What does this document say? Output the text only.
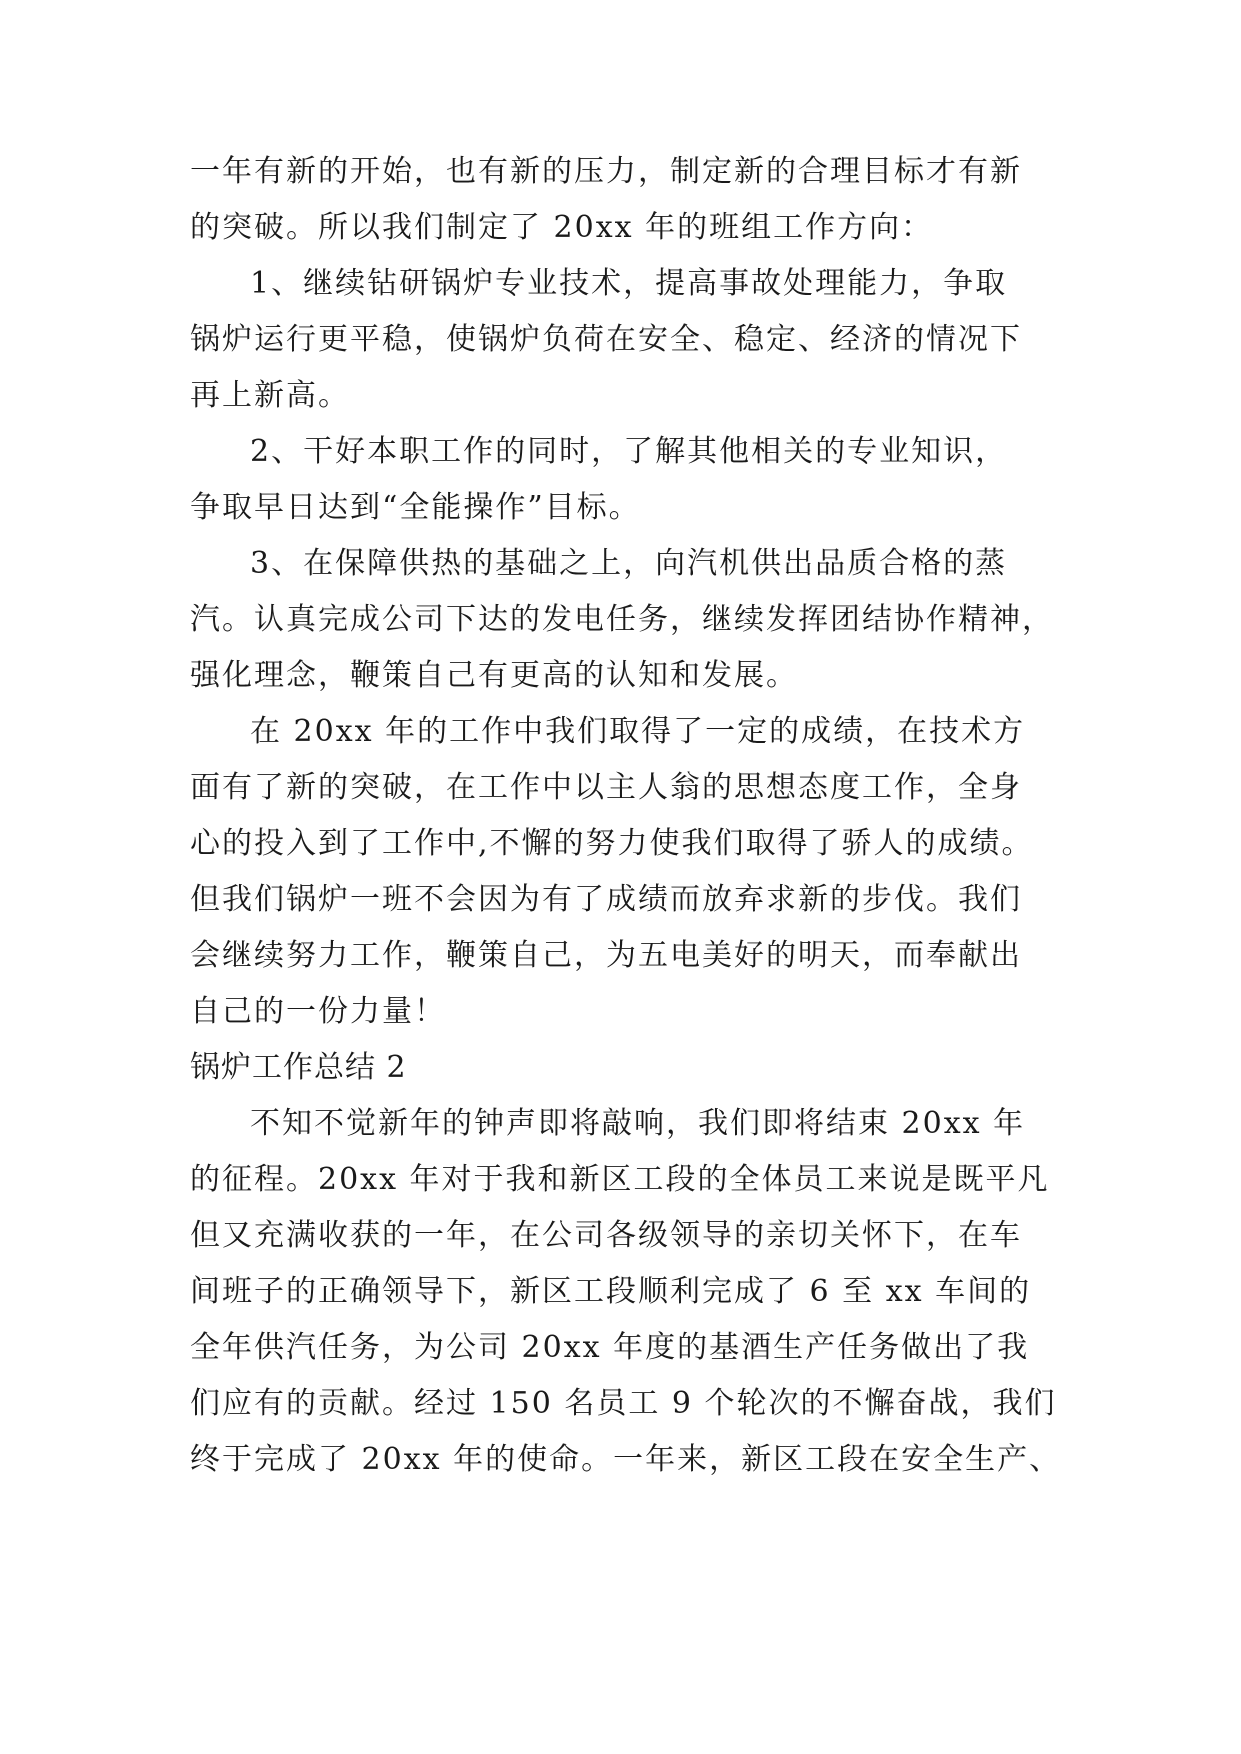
一年有新的开始，也有新的压力，制定新的合理目标才有新
的突破。所以我们制定了 20xx 年的班组工作方向：
1、继续钻研锅炉专业技术，提高事故处理能力，争取
锅炉运行更平稳，使锅炉负荷在安全、稳定、经济的情况下
再上新高。
2、干好本职工作的同时，了解其他相关的专业知识，
争取早日达到“全能操作”目标。
3、在保障供热的基础之上，向汽机供出品质合格的蒸
汽。认真完成公司下达的发电任务，继续发挥团结协作精神，
强化理念，鞭策自己有更高的认知和发展。
在 20xx 年的工作中我们取得了一定的成绩，在技术方
面有了新的突破，在工作中以主人翁的思想态度工作，全身
心的投入到了工作中,不懈的努力使我们取得了骄人的成绩。
但我们锅炉一班不会因为有了成绩而放弃求新的步伐。我们
会继续努力工作，鞭策自己，为五电美好的明天，而奉献出
自己的一份力量！
锅炉工作总结 2
不知不觉新年的钟声即将敲响，我们即将结束 20xx 年
的征程。20xx 年对于我和新区工段的全体员工来说是既平凡
但又充满收获的一年，在公司各级领导的亲切关怀下，在车
间班子的正确领导下，新区工段顺利完成了 6 至 xx 车间的
全年供汽任务，为公司 20xx 年度的基酒生产任务做出了我
们应有的贡献。经过 150 名员工 9 个轮次的不懈奋战，我们
终于完成了 20xx 年的使命。一年来，新区工段在安全生产、
